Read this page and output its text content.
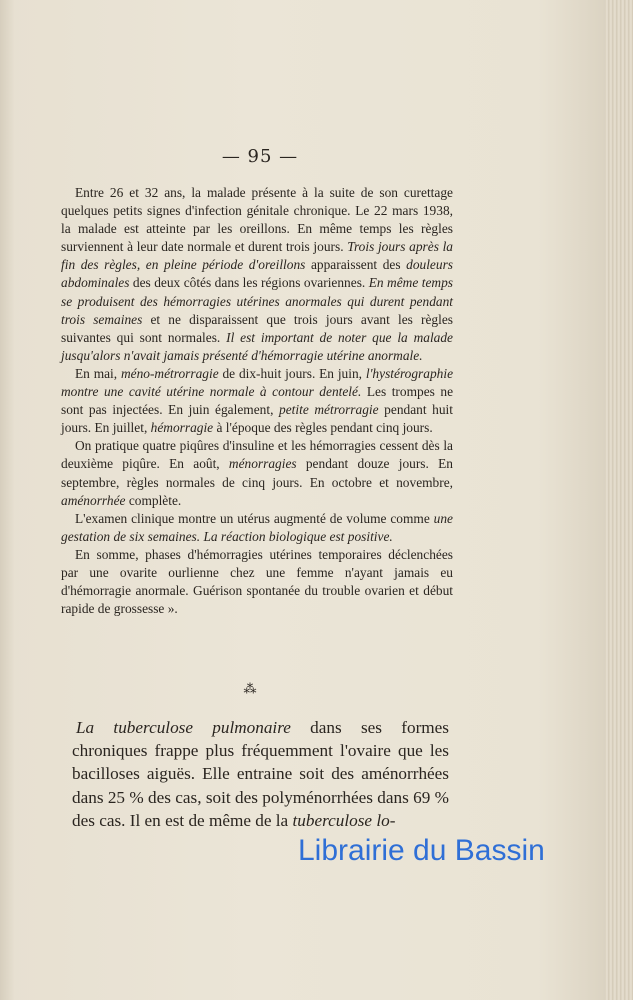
— 95 —

Entre 26 et 32 ans, la malade présente à la suite de son curettage quelques petits signes d'infection génitale chronique. Le 22 mars 1938, la malade est atteinte par les oreillons. En même temps les règles surviennent à leur date normale et durent trois jours. Trois jours après la fin des règles, en pleine période d'oreillons apparaissent des douleurs abdominales des deux côtés dans les régions ovariennes. En même temps se produisent des hémorragies utérines anormales qui durent pendant trois semaines et ne disparaissent que trois jours avant les règles suivantes qui sont normales. Il est important de noter que la malade jusqu'alors n'avait jamais présenté d'hémorragie utérine anormale.

En mai, méno-métrorragie de dix-huit jours. En juin, l'hystérographie montre une cavité utérine normale à contour dentelé. Les trompes ne sont pas injectées. En juin également, petite métrorragie pendant huit jours. En juillet, hémorragie à l'époque des règles pendant cinq jours.

On pratique quatre piqûres d'insuline et les hémorragies cessent dès la deuxième piqûre. En août, ménorragies pendant douze jours. En septembre, règles normales de cinq jours. En octobre et novembre, aménorrhée complète.

L'examen clinique montre un utérus augmenté de volume comme une gestation de six semaines. La réaction biologique est positive.

En somme, phases d'hémorragies utérines temporaires déclenchées par une ovarite ourlienne chez une femme n'ayant jamais eu d'hémorragie anormale. Guérison spontanée du trouble ovarien et début rapide de grossesse ».

⁂

La tuberculose pulmonaire dans ses formes chroniques frappe plus fréquemment l'ovaire que les bacilloses aiguës. Elle entraine soit des aménorrhées dans 25 % des cas, soit des polyménorrhées dans 69 % des cas. Il en est de même de la tuberculose lo-

Librairie du Bassin
